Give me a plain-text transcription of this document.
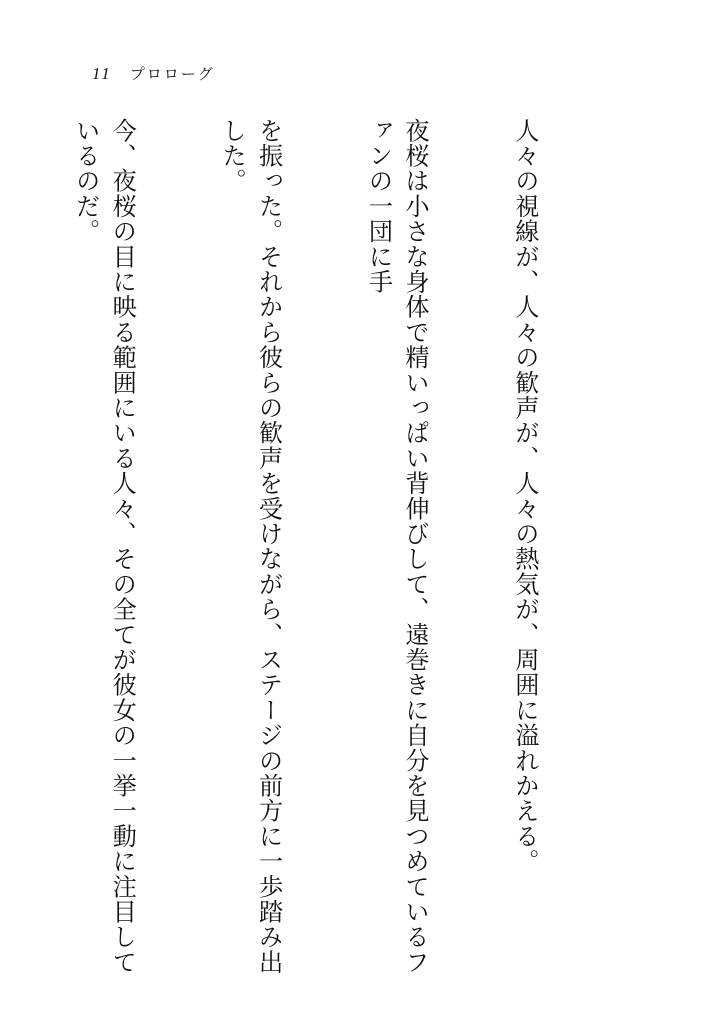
11 プロローグ

人々の視線が、人々の歓声が、人々の熱気が、周囲に溢れかえる。

夜桜は小さな身体で精いっぱい背伸びして、遠巻きに自分を見つめているファンの一団に手

を振った。それから彼らの歓声を受けながら、ステージの前方に一歩踏み出した。

今、夜桜の目に映る範囲にいる人々、その全てが彼女の一挙一動に注目しているのだ。
